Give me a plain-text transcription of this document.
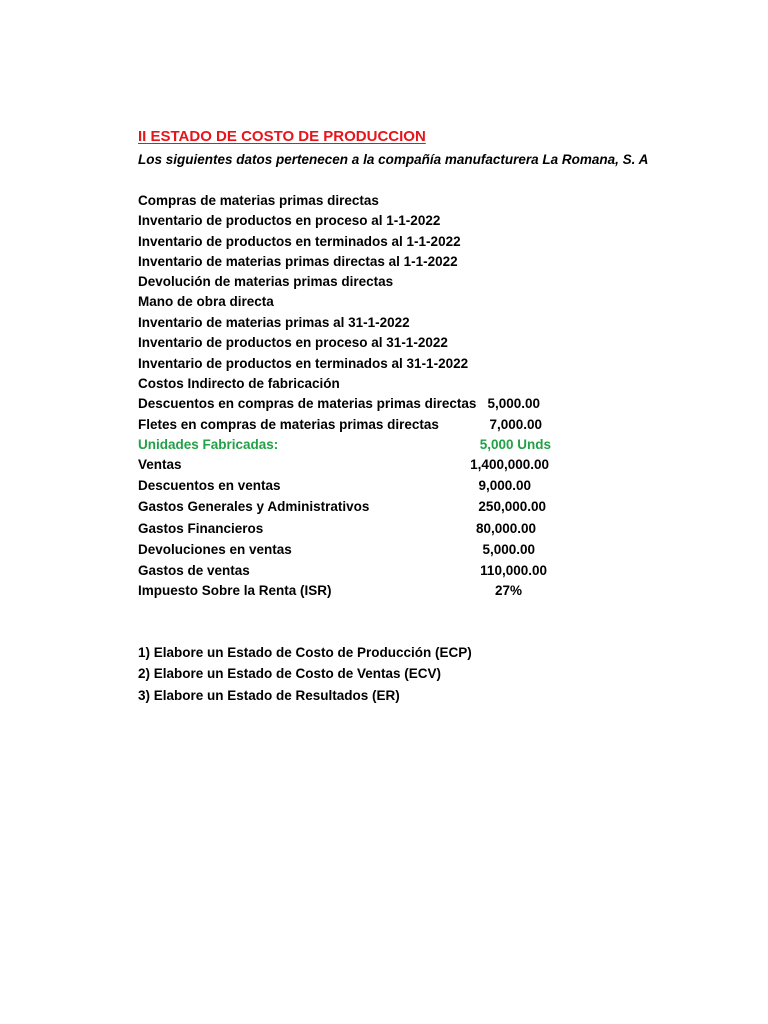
II ESTADO DE COSTO DE PRODUCCION
Los siguientes datos pertenecen a la compañía manufacturera La Romana, S. A
Compras de materias primas directas
Inventario de productos en proceso al 1-1-2022
Inventario de productos en terminados al 1-1-2022
Inventario de materias primas directas al 1-1-2022
Devolución de materias primas directas
Mano de obra directa
Inventario de materias primas al 31-1-2022
Inventario de productos en proceso al 31-1-2022
Inventario de productos en terminados al 31-1-2022
Costos Indirecto de fabricación
Descuentos en compras de materias primas directas 5,000.00
Fletes en compras de materias primas directas	7,000.00
Unidades Fabricadas:	5,000 Unds
Ventas	1,400,000.00
Descuentos en ventas	9,000.00
Gastos Generales y Administrativos	250,000.00
Gastos Financieros	80,000.00
Devoluciones en ventas	5,000.00
Gastos de ventas	110,000.00
Impuesto Sobre la Renta (ISR)	27%
1) Elabore un Estado de Costo de Producción (ECP)
2) Elabore un Estado de Costo de Ventas (ECV)
3) Elabore un Estado de Resultados (ER)
